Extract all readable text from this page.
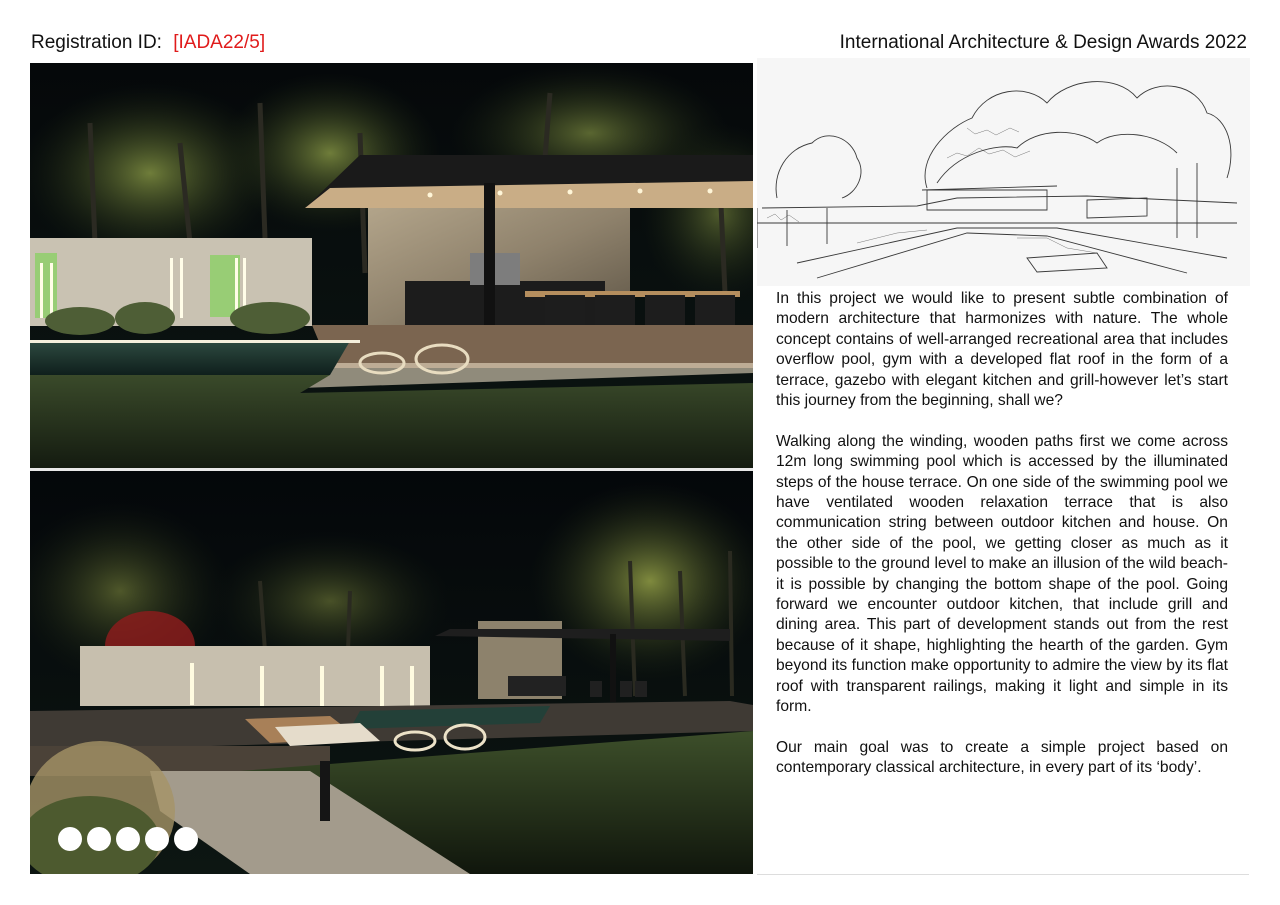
Registration ID: [IADA22/5]	International Architecture & Design Awards 2022

In this project we would like to present subtle combination of modern architecture that harmonizes with nature. The whole concept contains of well-arranged recreational area that includes overflow pool, gym with a developed flat roof in the form of a terrace, gazebo with elegant kitchen and grill-however let’s start this journey from the beginning, shall we?

Walking along the winding, wooden paths first we come across 12m long swimming pool which is accessed by the illuminated steps of the house terrace. On one side of the swimming pool we have ventilated wooden relaxation terrace that is also communication string between outdoor kitchen and house. On the other side of the pool, we getting closer as much as it possible to the ground level to make an illusion of the wild beach-it is possible by changing the bottom shape of the pool. Going forward we encounter outdoor kitchen, that include grill and dining area. This part of development stands out from the rest because of it shape, highlighting the hearth of the garden. Gym beyond its function make opportunity to admire the view by its flat roof with transparent railings, making it light and simple in its form.

Our main goal was to create a simple project based on contemporary classical architecture, in every part of its ‘body’.
